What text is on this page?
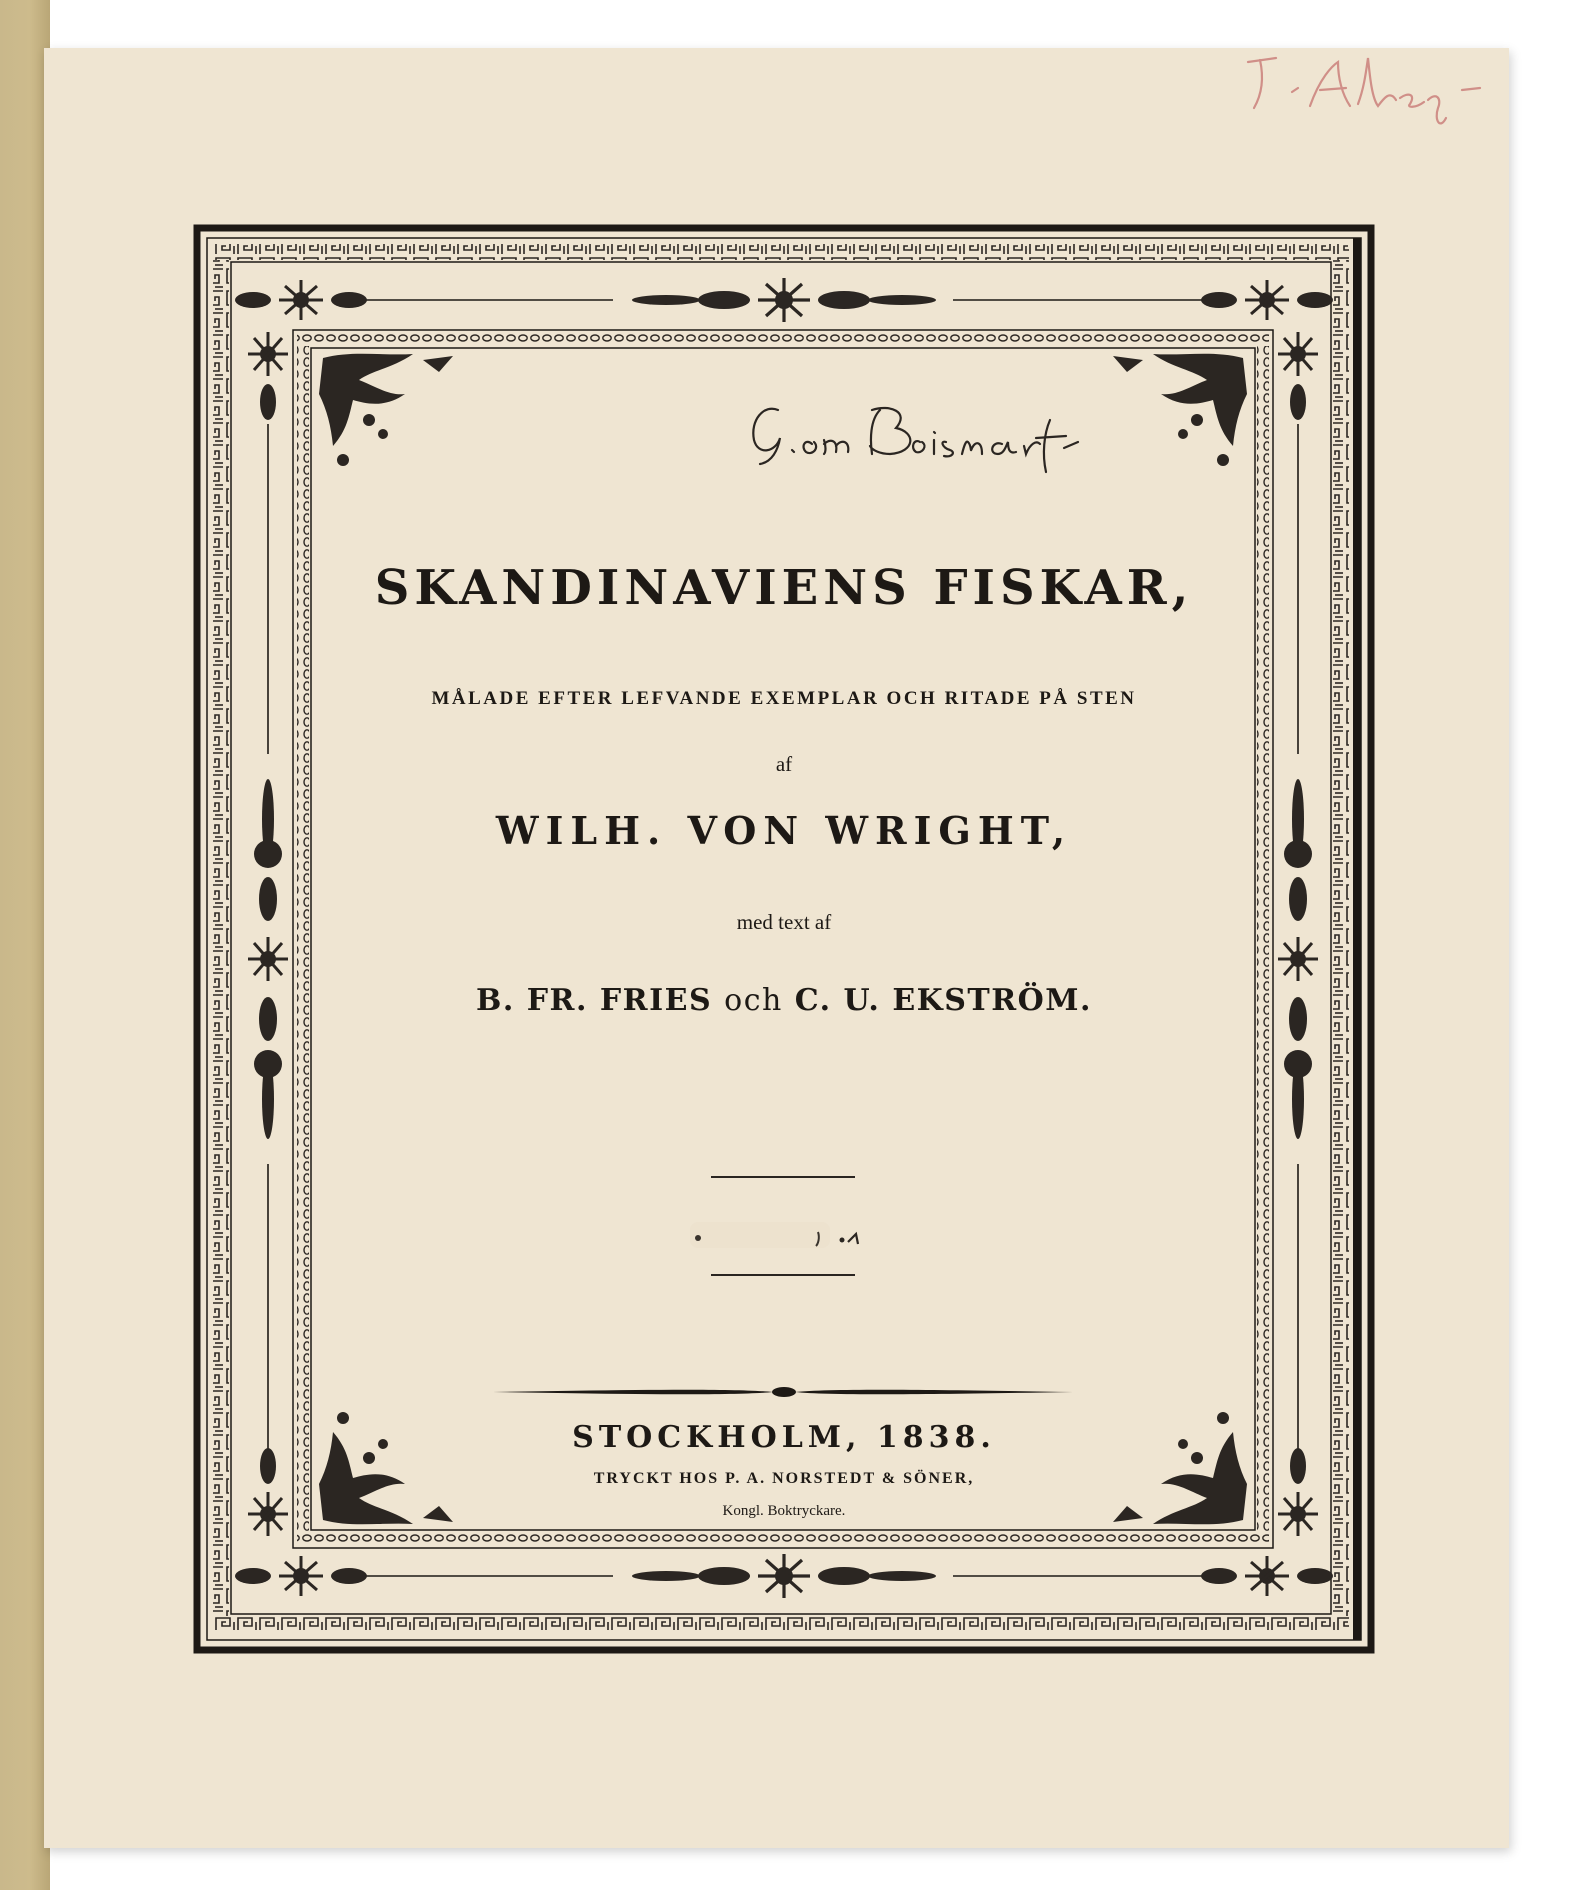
SKANDINAVIENS FISKAR,
MÅLADE EFTER LEFVANDE EXEMPLAR OCH RITADE PÅ STEN
af
WILH. VON WRIGHT,
med text af
B. FR. FRIES och C. U. EKSTRÖM.
STOCKHOLM, 1838.
TRYCKT HOS P. A. NORSTEDT & SÖNER,
Kongl. Boktryckare.
